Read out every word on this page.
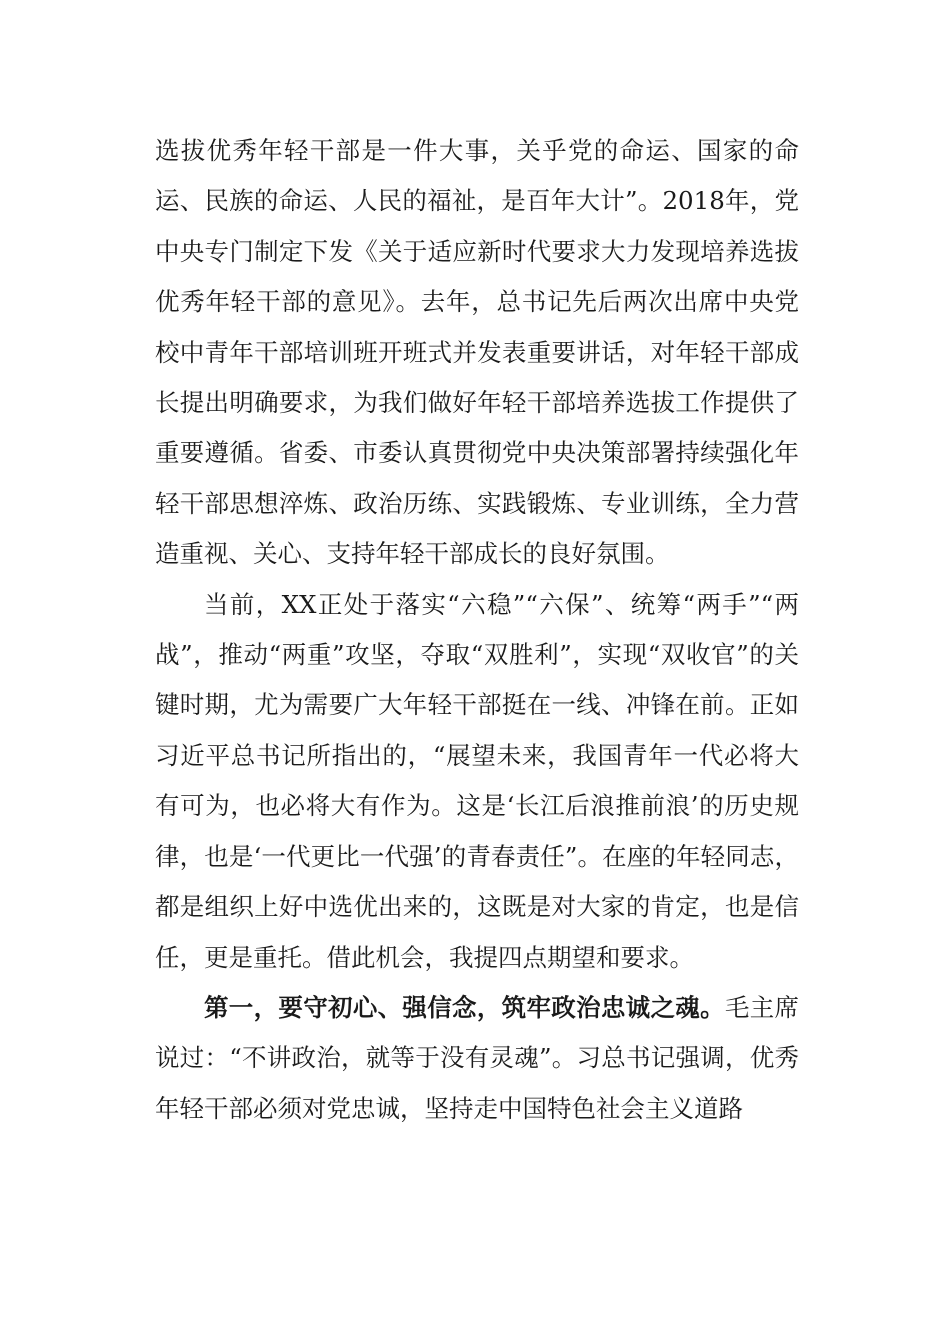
选拔优秀年轻干部是一件大事，关乎党的命运、国家的命运、民族的命运、人民的福祉，是百年大计”。2018年，党中央专门制定下发《关于适应新时代要求大力发现培养选拔优秀年轻干部的意见》。去年，总书记先后两次出席中央党校中青年干部培训班开班式并发表重要讲话，对年轻干部成长提出明确要求，为我们做好年轻干部培养选拔工作提供了重要遵循。省委、市委认真贯彻党中央决策部署持续强化年轻干部思想淬炼、政治历练、实践锻炼、专业训练，全力营造重视、关心、支持年轻干部成长的良好氛围。

当前，XX正处于落实“六稳”“六保”、统筹“两手”“两战”，推动“两重”攻坚，夺取“双胜利”，实现“双收官”的关键时期，尤为需要广大年轻干部挺在一线、冲锋在前。正如习近平总书记所指出的，“展望未来，我国青年一代必将大有可为，也必将大有作为。这是‘长江后浪推前浪’的历史规律，也是‘一代更比一代强’的青春责任”。在座的年轻同志，都是组织上好中选优出来的，这既是对大家的肯定，也是信任，更是重托。借此机会，我提四点期望和要求。

第一，要守初心、强信念，筑牢政治忠诚之魂。毛主席说过：“不讲政治，就等于没有灵魂”。习总书记强调，优秀年轻干部必须对党忠诚，坚持走中国特色社会主义道路
